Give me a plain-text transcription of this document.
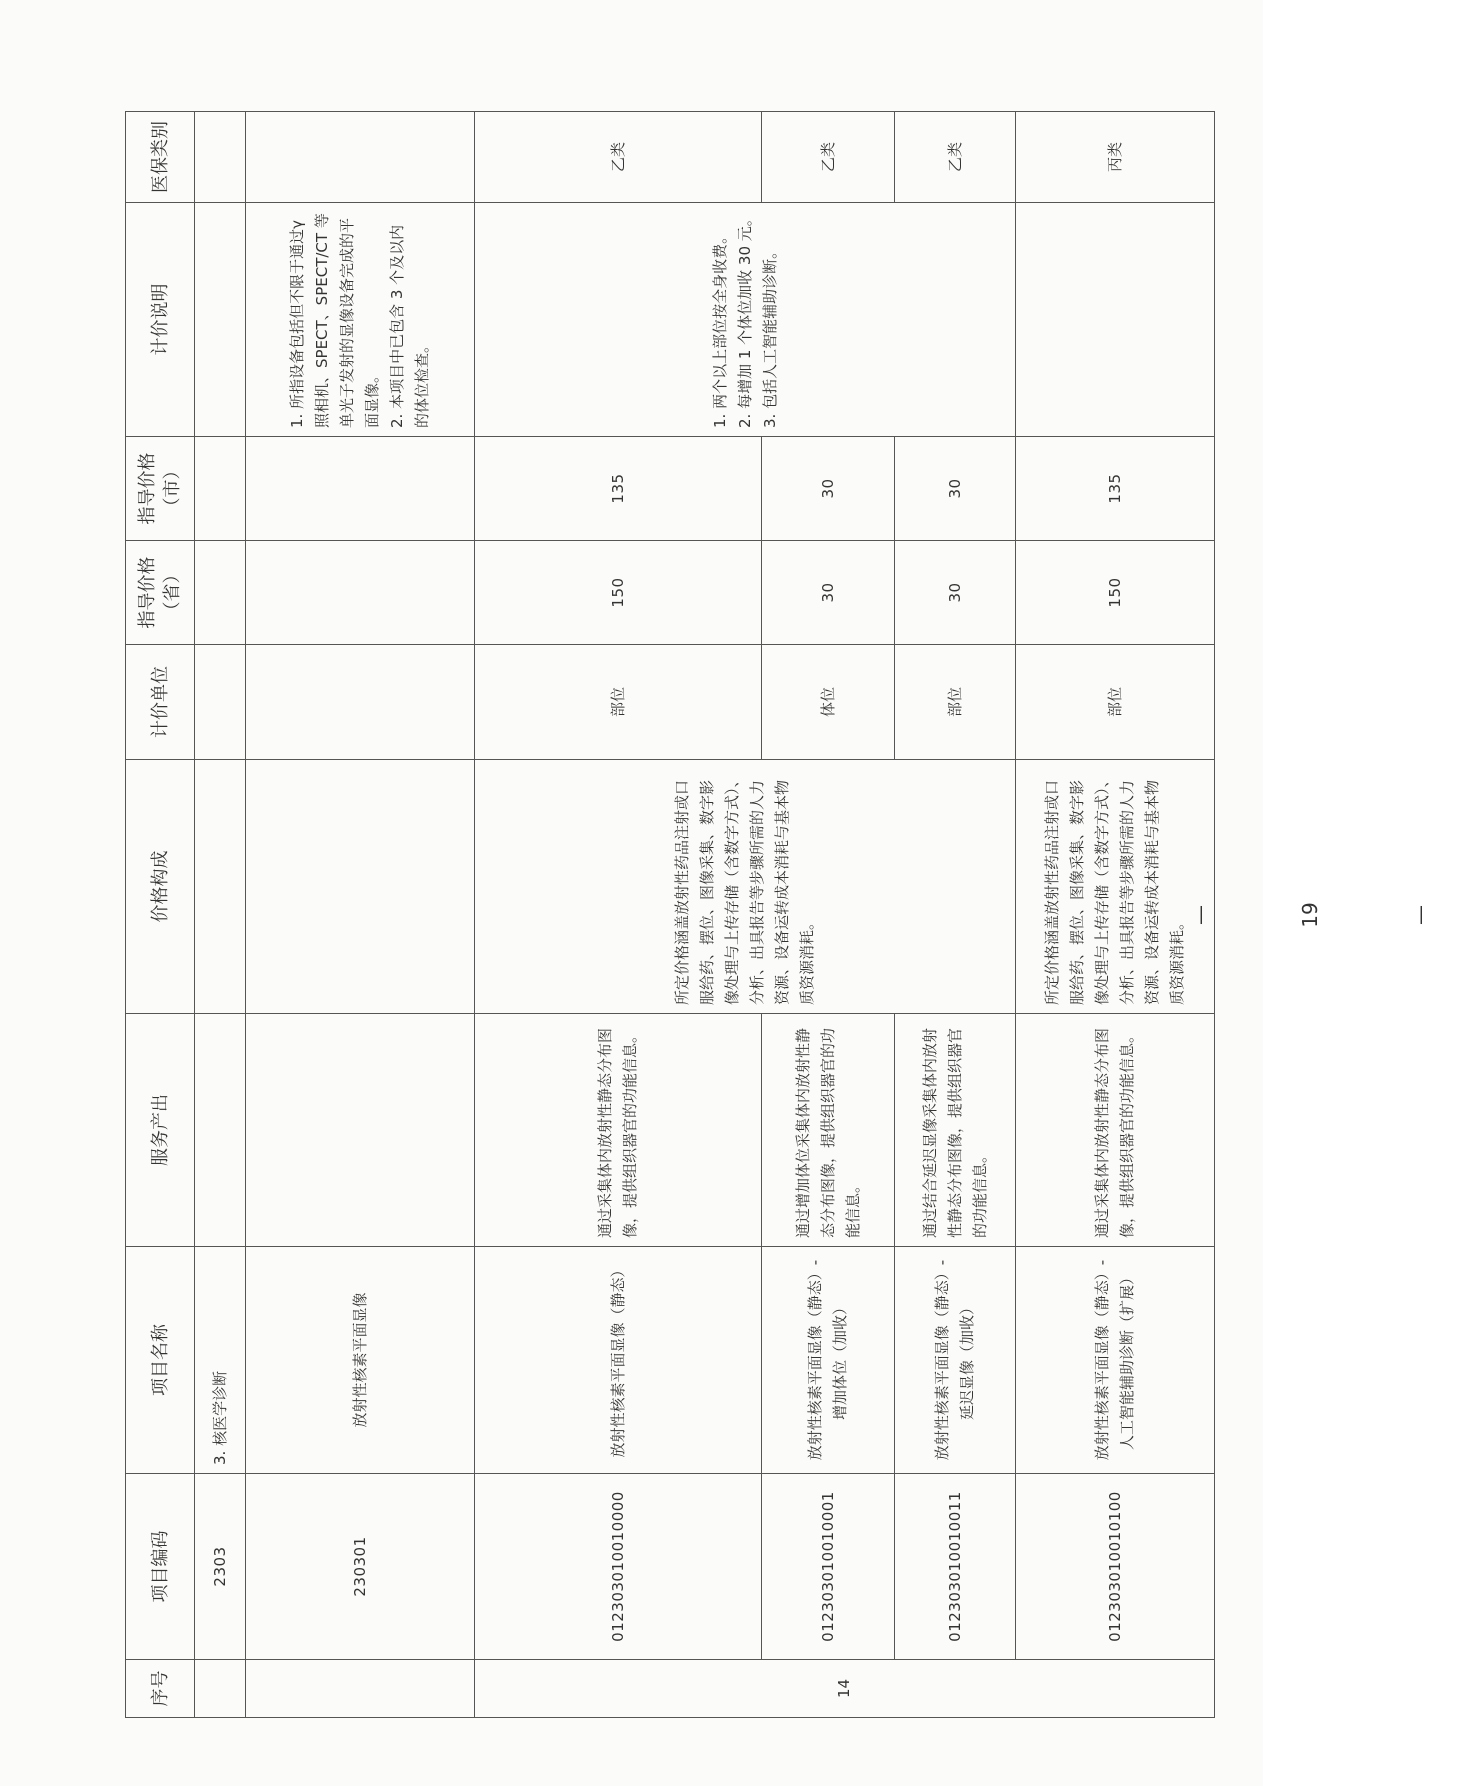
序号	项目编码	项目名称	服务产出	价格构成	计价单位	指导价格（省）	指导价格（市）	计价说明	医保类别
	2303	3. 核医学诊断							
	230301	放射性核素平面显像						1. 所指设备包括但不限于通过γ照相机、SPECT、SPECT/CT 等单光子发射的显像设备完成的平面显像。
2. 本项目中已包含 3 个及以内的体位检查。	
14	012303010010000	放射性核素平面显像（静态）	通过采集体内放射性静态分布图像，提供组织器官的功能信息。	所定价格涵盖放射性药品注射或口服给药、摆位、图像采集、数字影像处理与上传存储（含数字方式）、分析、出具报告等步骤所需的人力资源、设备运转成本消耗与基本物质资源消耗。	部位	150	135	1. 两个以上部位按全身收费。
2. 每增加 1 个体位加收 30 元。
3. 包括人工智能辅助诊断。	乙类
	012303010010001	放射性核素平面显像（静态）-增加体位（加收）	通过增加体位采集体内放射性静态分布图像，提供组织器官的功能信息。		体位	30	30		乙类
	012303010010011	放射性核素平面显像（静态）-延迟显像（加收）	通过结合延迟显像采集体内放射性静态分布图像，提供组织器官的功能信息。		部位	30	30		乙类
	012303010010100	放射性核素平面显像（静态）-人工智能辅助诊断（扩展）	通过采集体内放射性静态分布图像，提供组织器官的功能信息。	所定价格涵盖放射性药品注射或口服给药、摆位、图像采集、数字影像处理与上传存储（含数字方式）、分析、出具报告等步骤所需的人力资源、设备运转成本消耗与基本物质资源消耗。	部位	150	135		丙类
— 19 —
